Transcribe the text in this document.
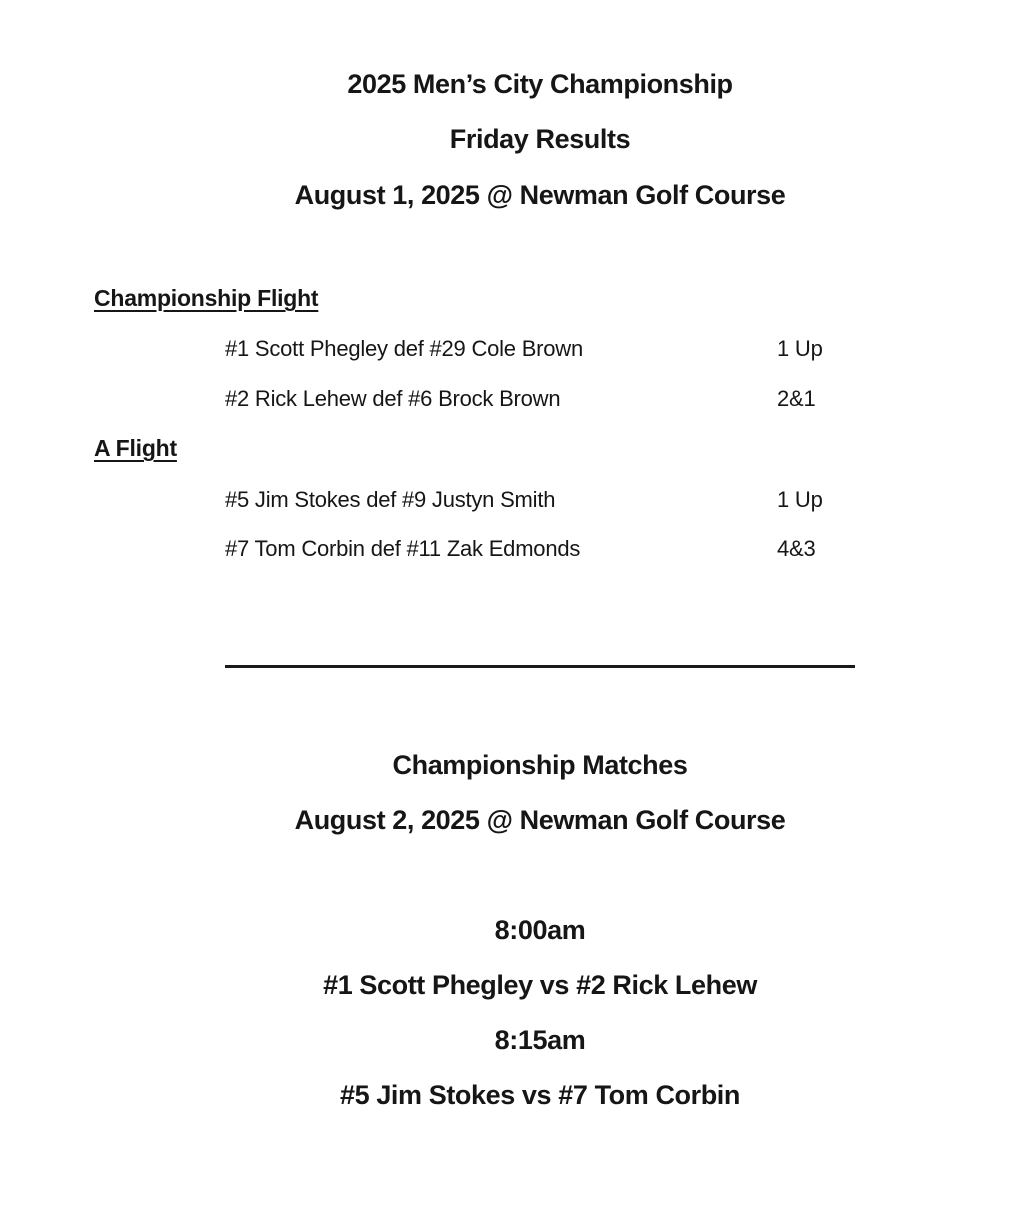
2025 Men’s City Championship
Friday Results
August 1, 2025 @ Newman Golf Course
Championship Flight
#1 Scott Phegley def #29 Cole Brown	1 Up
#2 Rick Lehew def #6 Brock Brown	2&1
A Flight
#5 Jim Stokes def #9 Justyn Smith	1 Up
#7 Tom Corbin def #11 Zak Edmonds	4&3
Championship Matches
August 2, 2025 @ Newman Golf Course
8:00am
#1 Scott Phegley vs #2 Rick Lehew
8:15am
#5 Jim Stokes vs #7 Tom Corbin
